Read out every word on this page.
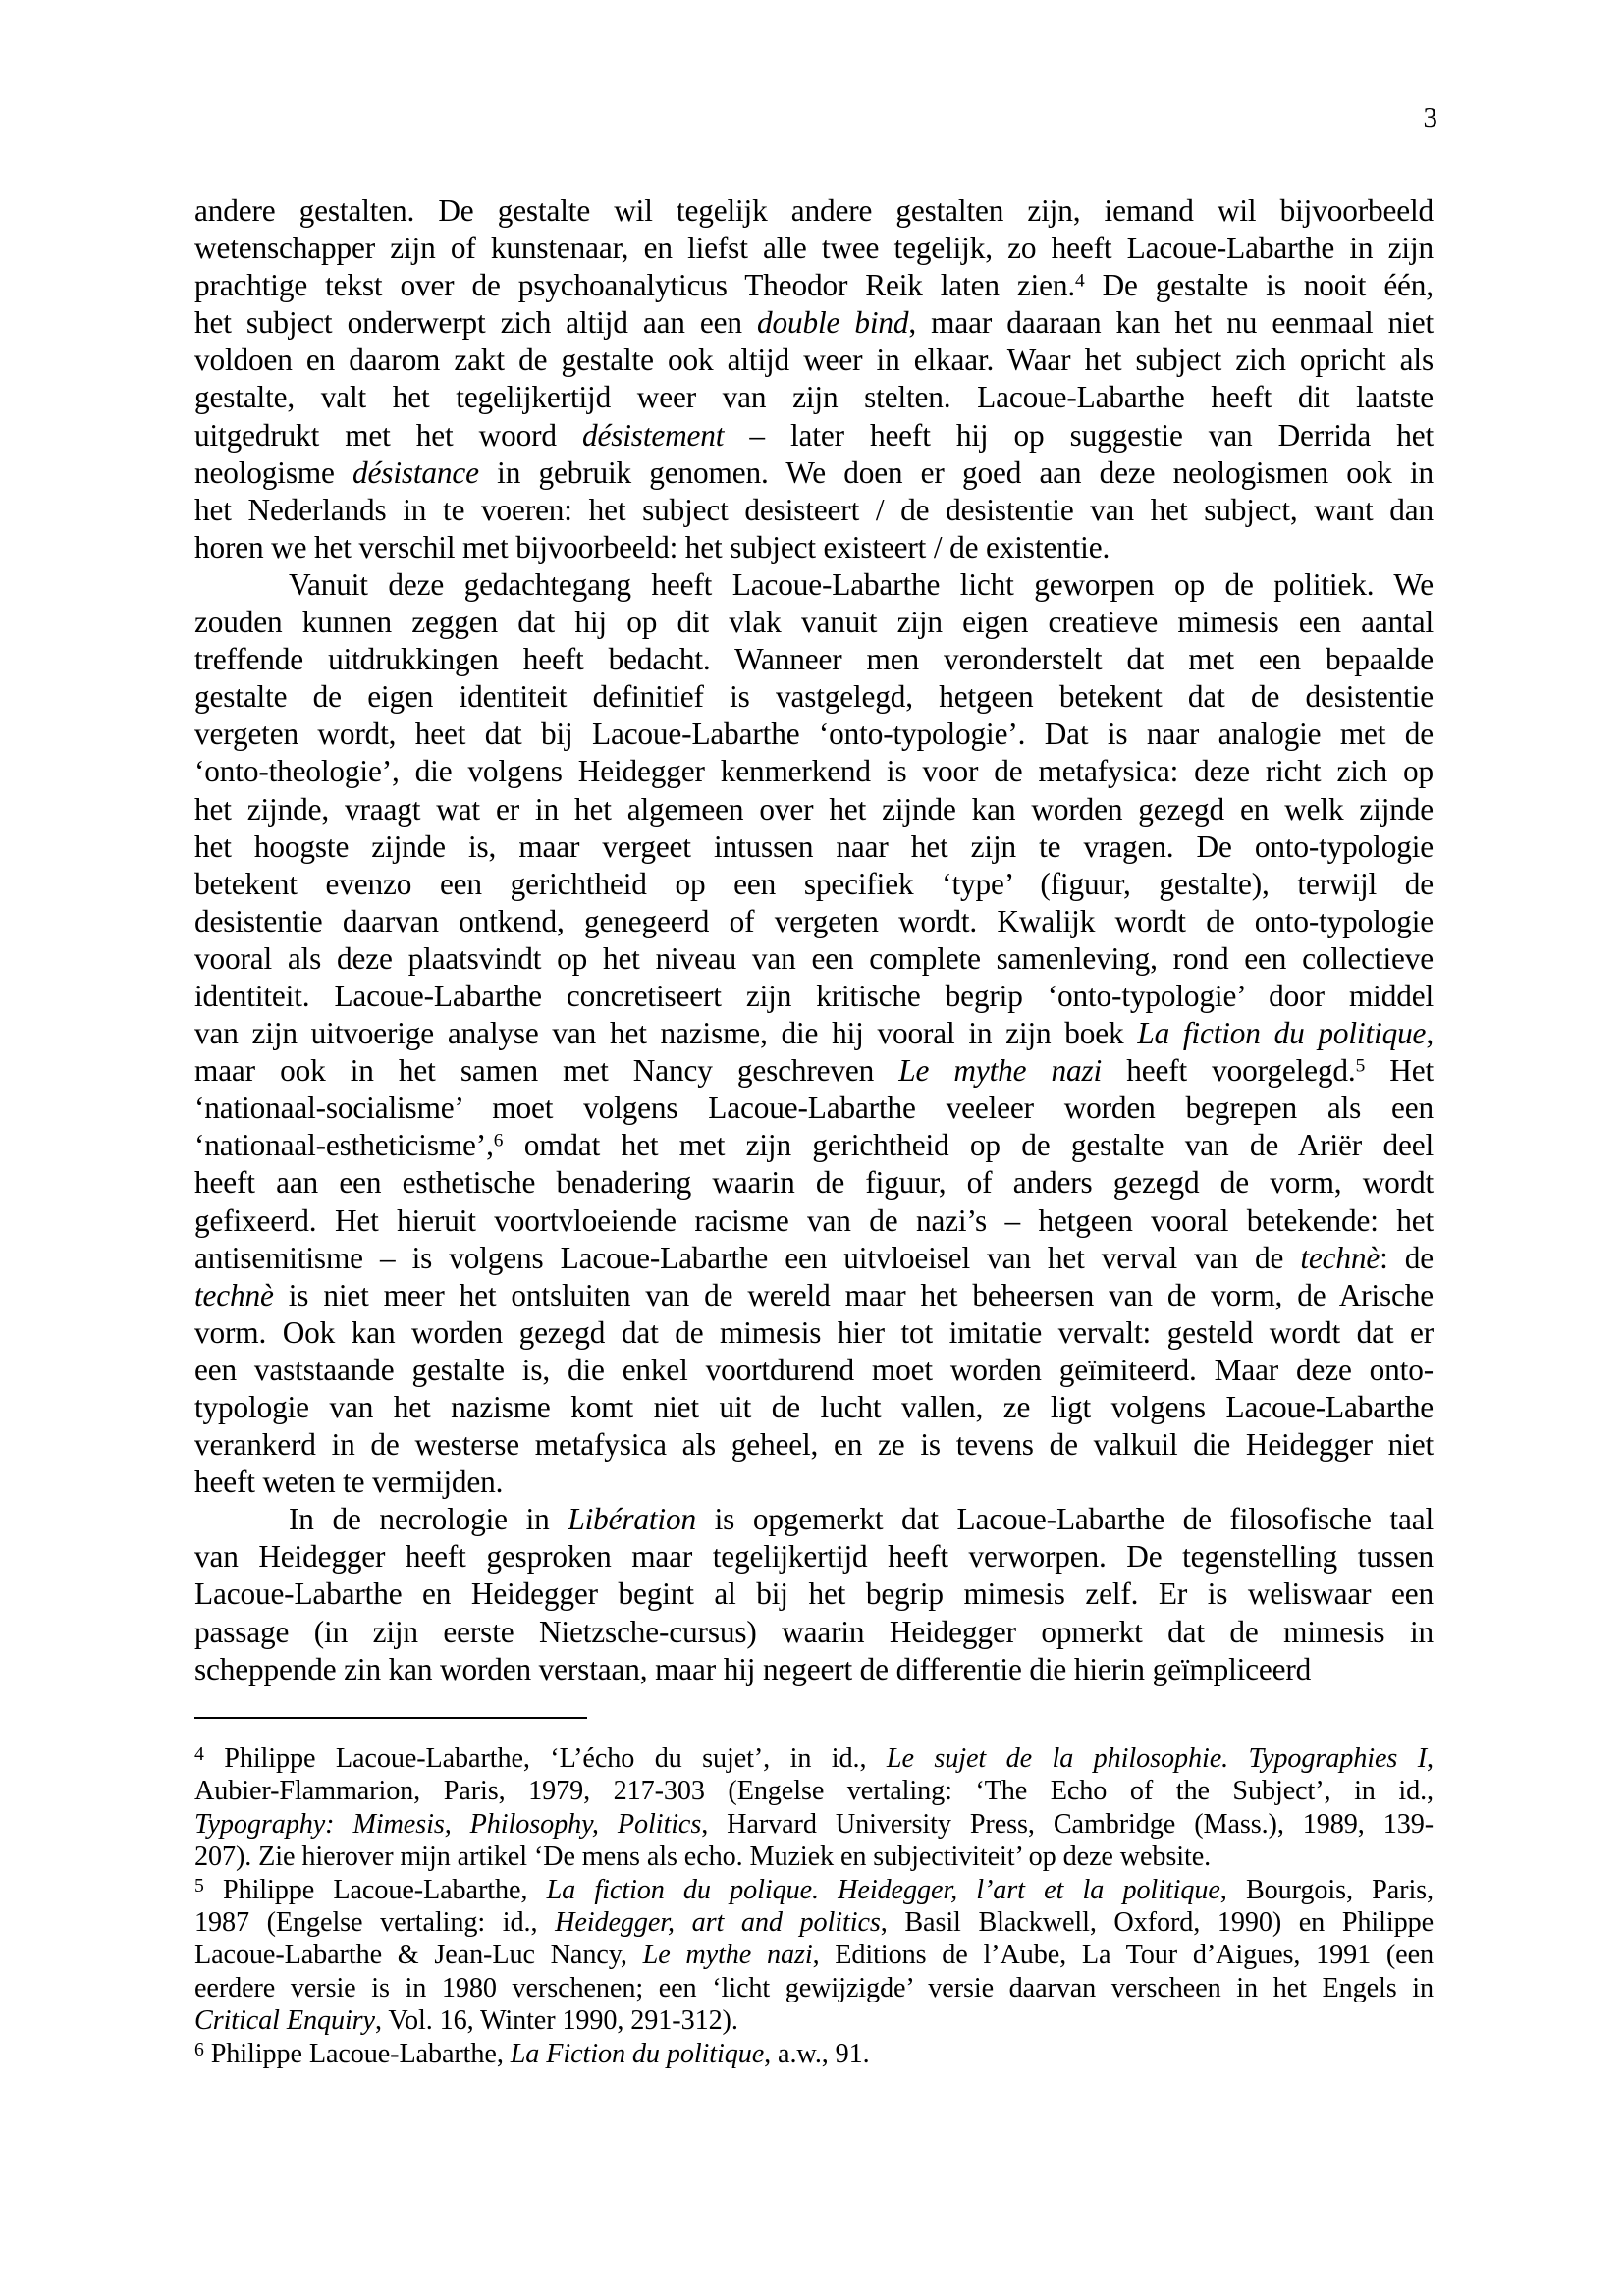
3
andere gestalten. De gestalte wil tegelijk andere gestalten zijn, iemand wil bijvoorbeeld
wetenschapper zijn of kunstenaar, en liefst alle twee tegelijk, zo heeft Lacoue-Labarthe in zijn
prachtige tekst over de psychoanalyticus Theodor Reik laten zien.$^4$ De gestalte is nooit één,
het subject onderwerpt zich altijd aan een double bind, maar daaraan kan het nu eenmaal niet
voldoen en daarom zakt de gestalte ook altijd weer in elkaar. Waar het subject zich opricht als
gestalte, valt het tegelijkertijd weer van zijn stelten. Lacoue-Labarthe heeft dit laatste
uitgedrukt met het woord désistement – later heeft hij op suggestie van Derrida het
neologisme désistance in gebruik genomen. We doen er goed aan deze neologismen ook in
het Nederlands in te voeren: het subject desisteert / de desistentie van het subject, want dan
horen we het verschil met bijvoorbeeld: het subject existeert / de existentie.
Vanuit deze gedachtegang heeft Lacoue-Labarthe licht geworpen op de politiek. We
zouden kunnen zeggen dat hij op dit vlak vanuit zijn eigen creatieve mimesis een aantal
treffende uitdrukkingen heeft bedacht. Wanneer men veronderstelt dat met een bepaalde
gestalte de eigen identiteit definitief is vastgelegd, hetgeen betekent dat de desistentie
vergeten wordt, heet dat bij Lacoue-Labarthe ‘onto-typologie’. Dat is naar analogie met de
‘onto-theologie’, die volgens Heidegger kenmerkend is voor de metafysica: deze richt zich op
het zijnde, vraagt wat er in het algemeen over het zijnde kan worden gezegd en welk zijnde
het hoogste zijnde is, maar vergeet intussen naar het zijn te vragen. De onto-typologie
betekent evenzo een gerichtheid op een specifiek ‘type’ (figuur, gestalte), terwijl de
desistentie daarvan ontkend, genegeerd of vergeten wordt. Kwalijk wordt de onto-typologie
vooral als deze plaatsvindt op het niveau van een complete samenleving, rond een collectieve
identiteit. Lacoue-Labarthe concretiseert zijn kritische begrip ‘onto-typologie’ door middel
van zijn uitvoerige analyse van het nazisme, die hij vooral in zijn boek La fiction du politique,
maar ook in het samen met Nancy geschreven Le mythe nazi heeft voorgelegd.$^5$ Het
‘nationaal-socialisme’ moet volgens Lacoue-Labarthe veeleer worden begrepen als een
‘nationaal-estheticisme’,$^6$ omdat het met zijn gerichtheid op de gestalte van de Ariër deel
heeft aan een esthetische benadering waarin de figuur, of anders gezegd de vorm, wordt
gefixeerd. Het hieruit voortvloeiende racisme van de nazi’s – hetgeen vooral betekende: het
antisemitisme – is volgens Lacoue-Labarthe een uitvloeisel van het verval van de technè: de
technè is niet meer het ontsluiten van de wereld maar het beheersen van de vorm, de Arische
vorm. Ook kan worden gezegd dat de mimesis hier tot imitatie vervalt: gesteld wordt dat er
een vaststaande gestalte is, die enkel voortdurend moet worden geïmiteerd. Maar deze onto-
typologie van het nazisme komt niet uit de lucht vallen, ze ligt volgens Lacoue-Labarthe
verankerd in de westerse metafysica als geheel, en ze is tevens de valkuil die Heidegger niet
heeft weten te vermijden.
In de necrologie in Libération is opgemerkt dat Lacoue-Labarthe de filosofische taal
van Heidegger heeft gesproken maar tegelijkertijd heeft verworpen. De tegenstelling tussen
Lacoue-Labarthe en Heidegger begint al bij het begrip mimesis zelf. Er is weliswaar een
passage (in zijn eerste Nietzsche-cursus) waarin Heidegger opmerkt dat de mimesis in
scheppende zin kan worden verstaan, maar hij negeert de differentie die hierin geïmpliceerd
$^4$ Philippe Lacoue-Labarthe, ‘L’écho du sujet’, in id., Le sujet de la philosophie. Typographies I,
Aubier-Flammarion, Paris, 1979, 217-303 (Engelse vertaling: ‘The Echo of the Subject’, in id.,
Typography: Mimesis, Philosophy, Politics, Harvard University Press, Cambridge (Mass.), 1989, 139-
207). Zie hierover mijn artikel ‘De mens als echo. Muziek en subjectiviteit’ op deze website.
$^5$ Philippe Lacoue-Labarthe, La fiction du polique. Heidegger, l’art et la politique, Bourgois, Paris,
1987 (Engelse vertaling: id., Heidegger, art and politics, Basil Blackwell, Oxford, 1990) en Philippe
Lacoue-Labarthe & Jean-Luc Nancy, Le mythe nazi, Editions de l’Aube, La Tour d’Aigues, 1991 (een
eerdere versie is in 1980 verschenen; een ‘licht gewijzigde’ versie daarvan verscheen in het Engels in
Critical Enquiry, Vol. 16, Winter 1990, 291-312).
$^6$ Philippe Lacoue-Labarthe, La Fiction du politique, a.w., 91.
